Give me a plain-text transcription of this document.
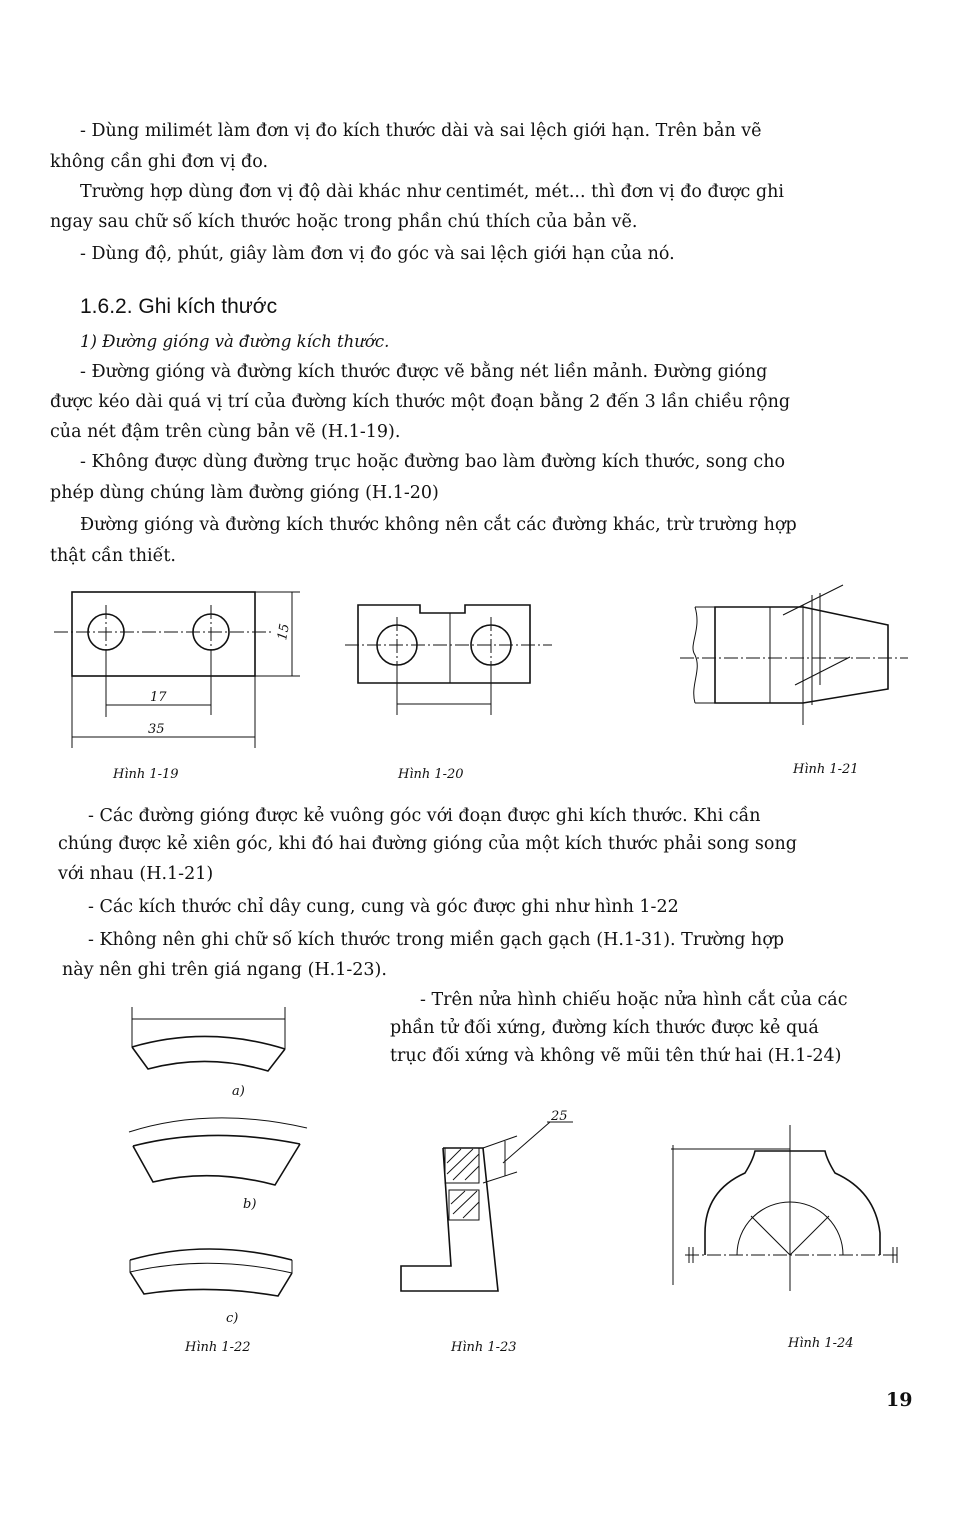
- Dùng milimét làm đơn vị đo kích thước dài và sai lệch giới hạn. Trên bản vẽ
không cần ghi đơn vị đo.
Trường hợp dùng đơn vị độ dài khác như centimét, mét... thì đơn vị đo được ghi
ngay sau chữ số kích thước hoặc trong phần chú thích của bản vẽ.
- Dùng độ, phút, giây làm đơn vị đo góc và sai lệch giới hạn của nó.
1.6.2. Ghi kích thước
1) Đường gióng và đường kích thước.
- Đường gióng và đường kích thước được vẽ bằng nét liền mảnh. Đường gióng
được kéo dài quá vị trí của đường kích thước một đoạn bằng 2 đến 3 lần chiều rộng
của nét đậm trên cùng bản vẽ (H.1-19).
- Không được dùng đường trục hoặc đường bao làm đường kích thước, song cho
phép dùng chúng làm đường gióng (H.1-20)
Đường gióng và đường kích thước không nên cắt các đường khác, trừ trường hợp
thật cần thiết.
17
35
15
Hình 1-19	Hình 1-20	Hình 1-21
- Các đường gióng được kẻ vuông góc với đoạn được ghi kích thước. Khi cần
chúng được kẻ xiên góc, khi đó hai đường gióng của một kích thước phải song song
với nhau (H.1-21)
- Các kích thước chỉ dây cung, cung và góc được ghi như hình 1-22
- Không nên ghi chữ số kích thước trong miền gạch gạch (H.1-31). Trường hợp
này nên ghi trên giá ngang (H.1-23).
- Trên nửa hình chiếu hoặc nửa hình cắt của các
phần tử đối xứng, đường kích thước được kẻ quá
trục đối xứng và không vẽ mũi tên thứ hai (H.1-24)
a)
b)
c)
25
Hình 1-22	Hình 1-23	Hình 1-24
19
